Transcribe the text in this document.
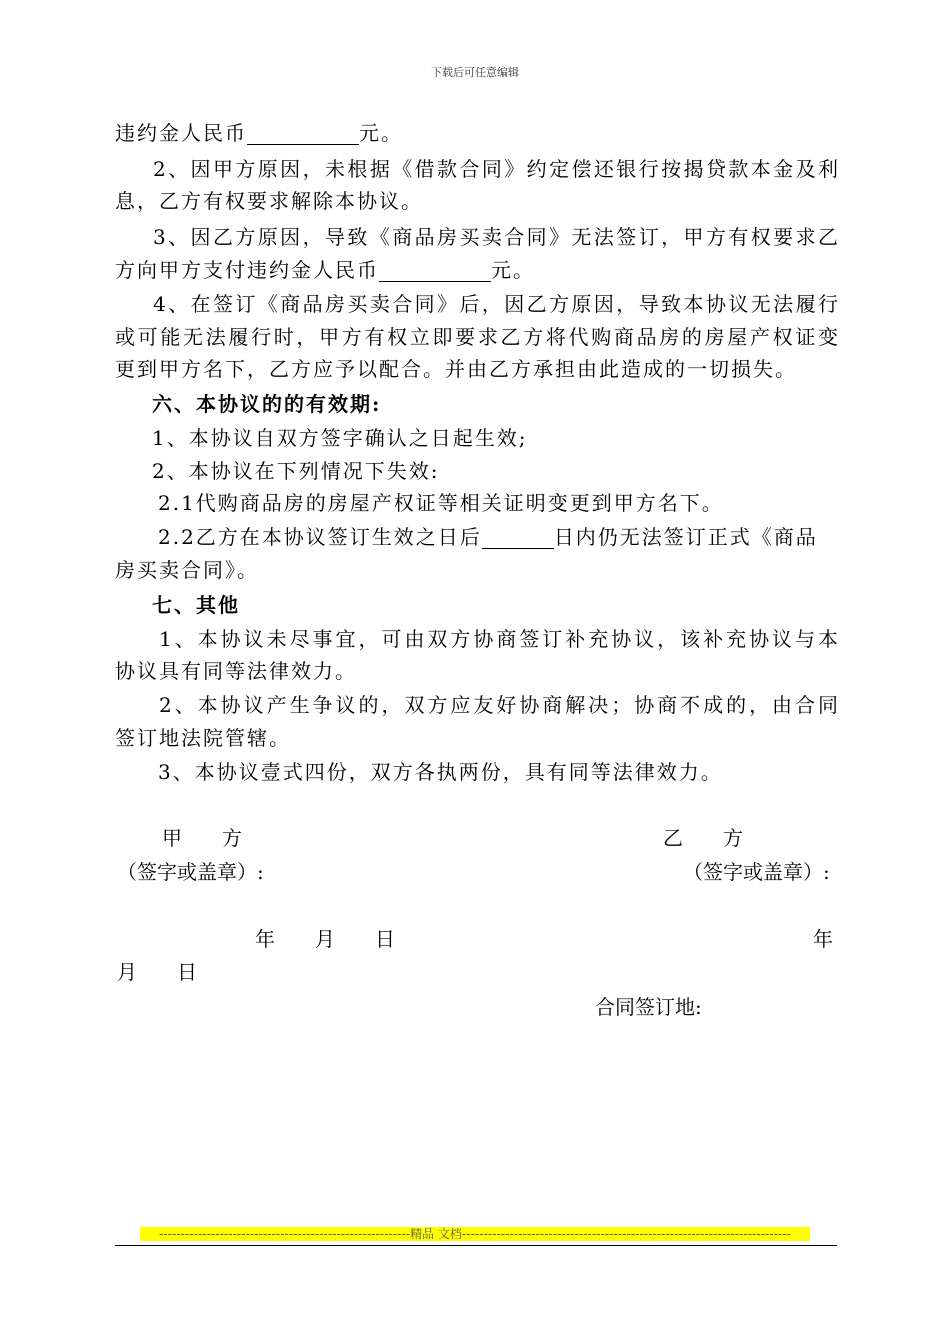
下载后可任意编辑
违约金人民币	元。
2、因甲方原因，未根据《借款合同》约定偿还银行按揭贷款本金及利
息，乙方有权要求解除本协议。
3、因乙方原因，导致《商品房买卖合同》无法签订，甲方有权要求乙
方向甲方支付违约金人民币	元。
4、在签订《商品房买卖合同》后，因乙方原因，导致本协议无法履行
或可能无法履行时，甲方有权立即要求乙方将代购商品房的房屋产权证变
更到甲方名下，乙方应予以配合。并由乙方承担由此造成的一切损失。
六、本协议的的有效期:
1、本协议自双方签字确认之日起生效;
2、本协议在下列情况下失效:
2.1代购商品房的房屋产权证等相关证明变更到甲方名下。
2.2乙方在本协议签订生效之日后	日内仍无法签订正式《商品
房买卖合同》。
七、其他
1、本协议未尽事宜，可由双方协商签订补充协议，该补充协议与本
协议具有同等法律效力。
2、本协议产生争议的，双方应友好协商解决；协商不成的，由合同
签订地法院管辖。
3、本协议壹式四份，双方各执两份，具有同等法律效力。
甲　　方	乙　　方
（签字或盖章）:	（签字或盖章）:
年　　月　　日	年
月　　日
合同签订地:
----------------------------------------------------------精品 文档----------------------------------------------------------------------------
